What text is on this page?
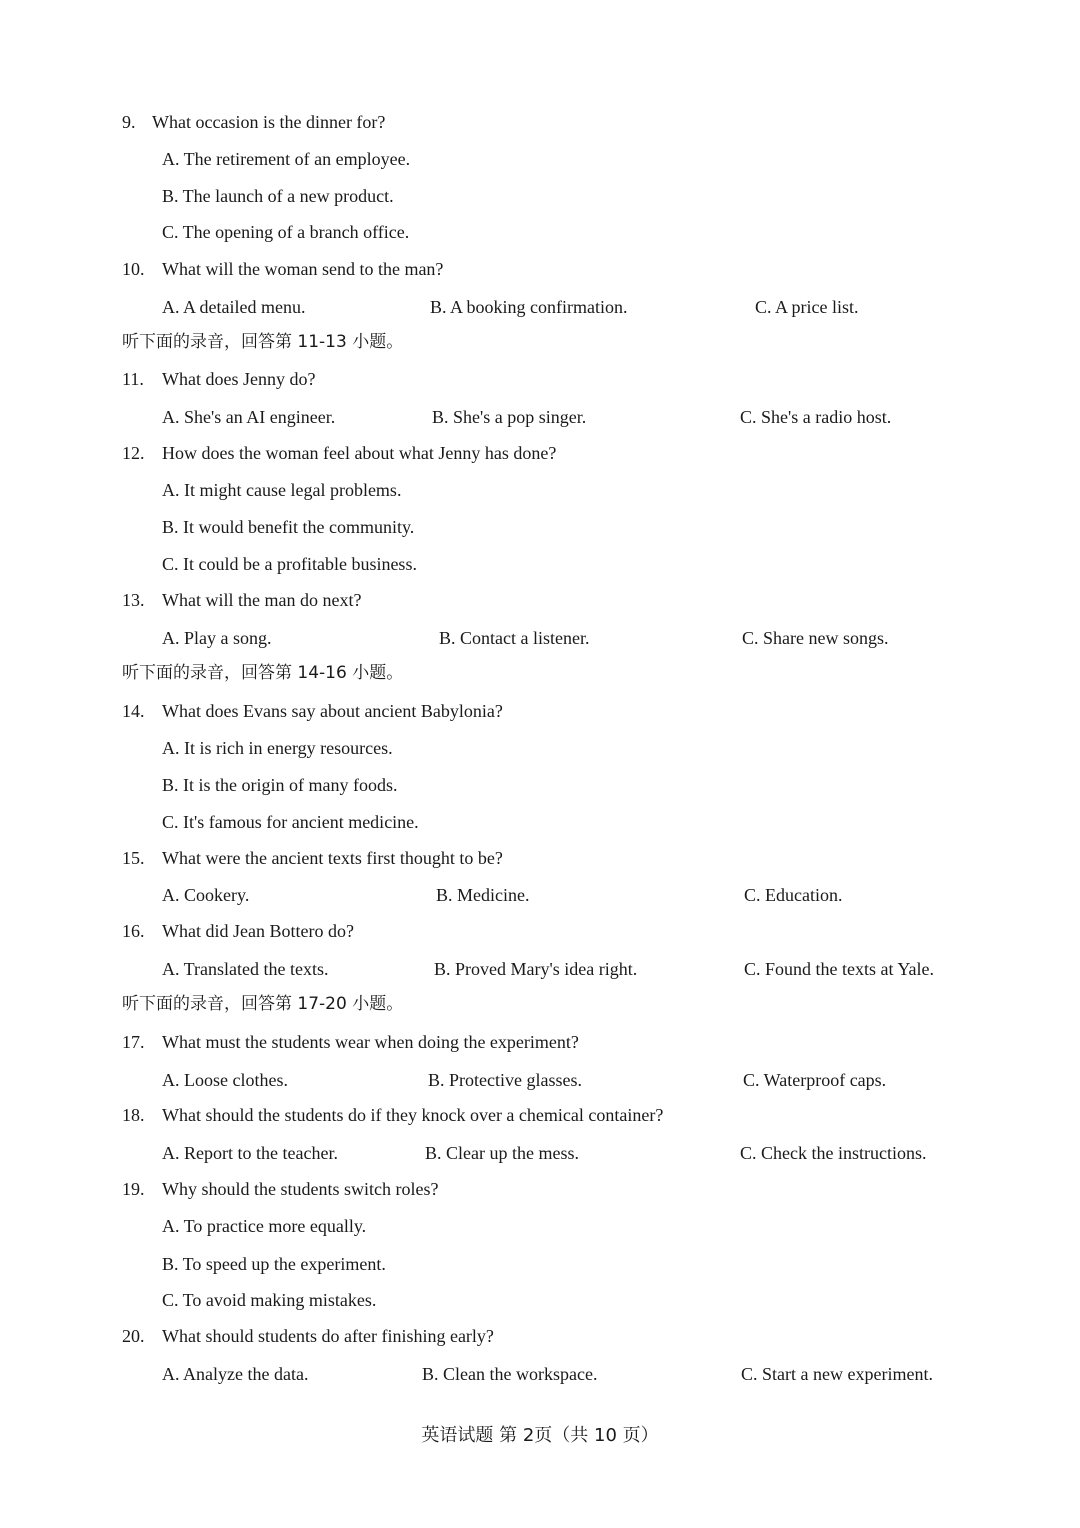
9. What occasion is the dinner for?
A. The retirement of an employee.
B. The launch of a new product.
C. The opening of a branch office.
10. What will the woman send to the man?
A. A detailed menu.	B. A booking confirmation.	C. A price list.
听下面的录音，回答第 11-13 小题。
11. What does Jenny do?
A. She's an AI engineer.	B. She's a pop singer.	C. She's a radio host.
12. How does the woman feel about what Jenny has done?
A. It might cause legal problems.
B. It would benefit the community.
C. It could be a profitable business.
13. What will the man do next?
A. Play a song.	B. Contact a listener.	C. Share new songs.
听下面的录音，回答第 14-16 小题。
14. What does Evans say about ancient Babylonia?
A. It is rich in energy resources.
B. It is the origin of many foods.
C. It's famous for ancient medicine.
15. What were the ancient texts first thought to be?
A. Cookery.	B. Medicine.	C. Education.
16. What did Jean Bottero do?
A. Translated the texts.	B. Proved Mary's idea right.	C. Found the texts at Yale.
听下面的录音，回答第 17-20 小题。
17. What must the students wear when doing the experiment?
A. Loose clothes.	B. Protective glasses.	C. Waterproof caps.
18. What should the students do if they knock over a chemical container?
A. Report to the teacher.	B. Clear up the mess.	C. Check the instructions.
19. Why should the students switch roles?
A. To practice more equally.
B. To speed up the experiment.
C. To avoid making mistakes.
20. What should students do after finishing early?
A. Analyze the data.	B. Clean the workspace.	C. Start a new experiment.
英语试题 第 2页（共 10 页）
